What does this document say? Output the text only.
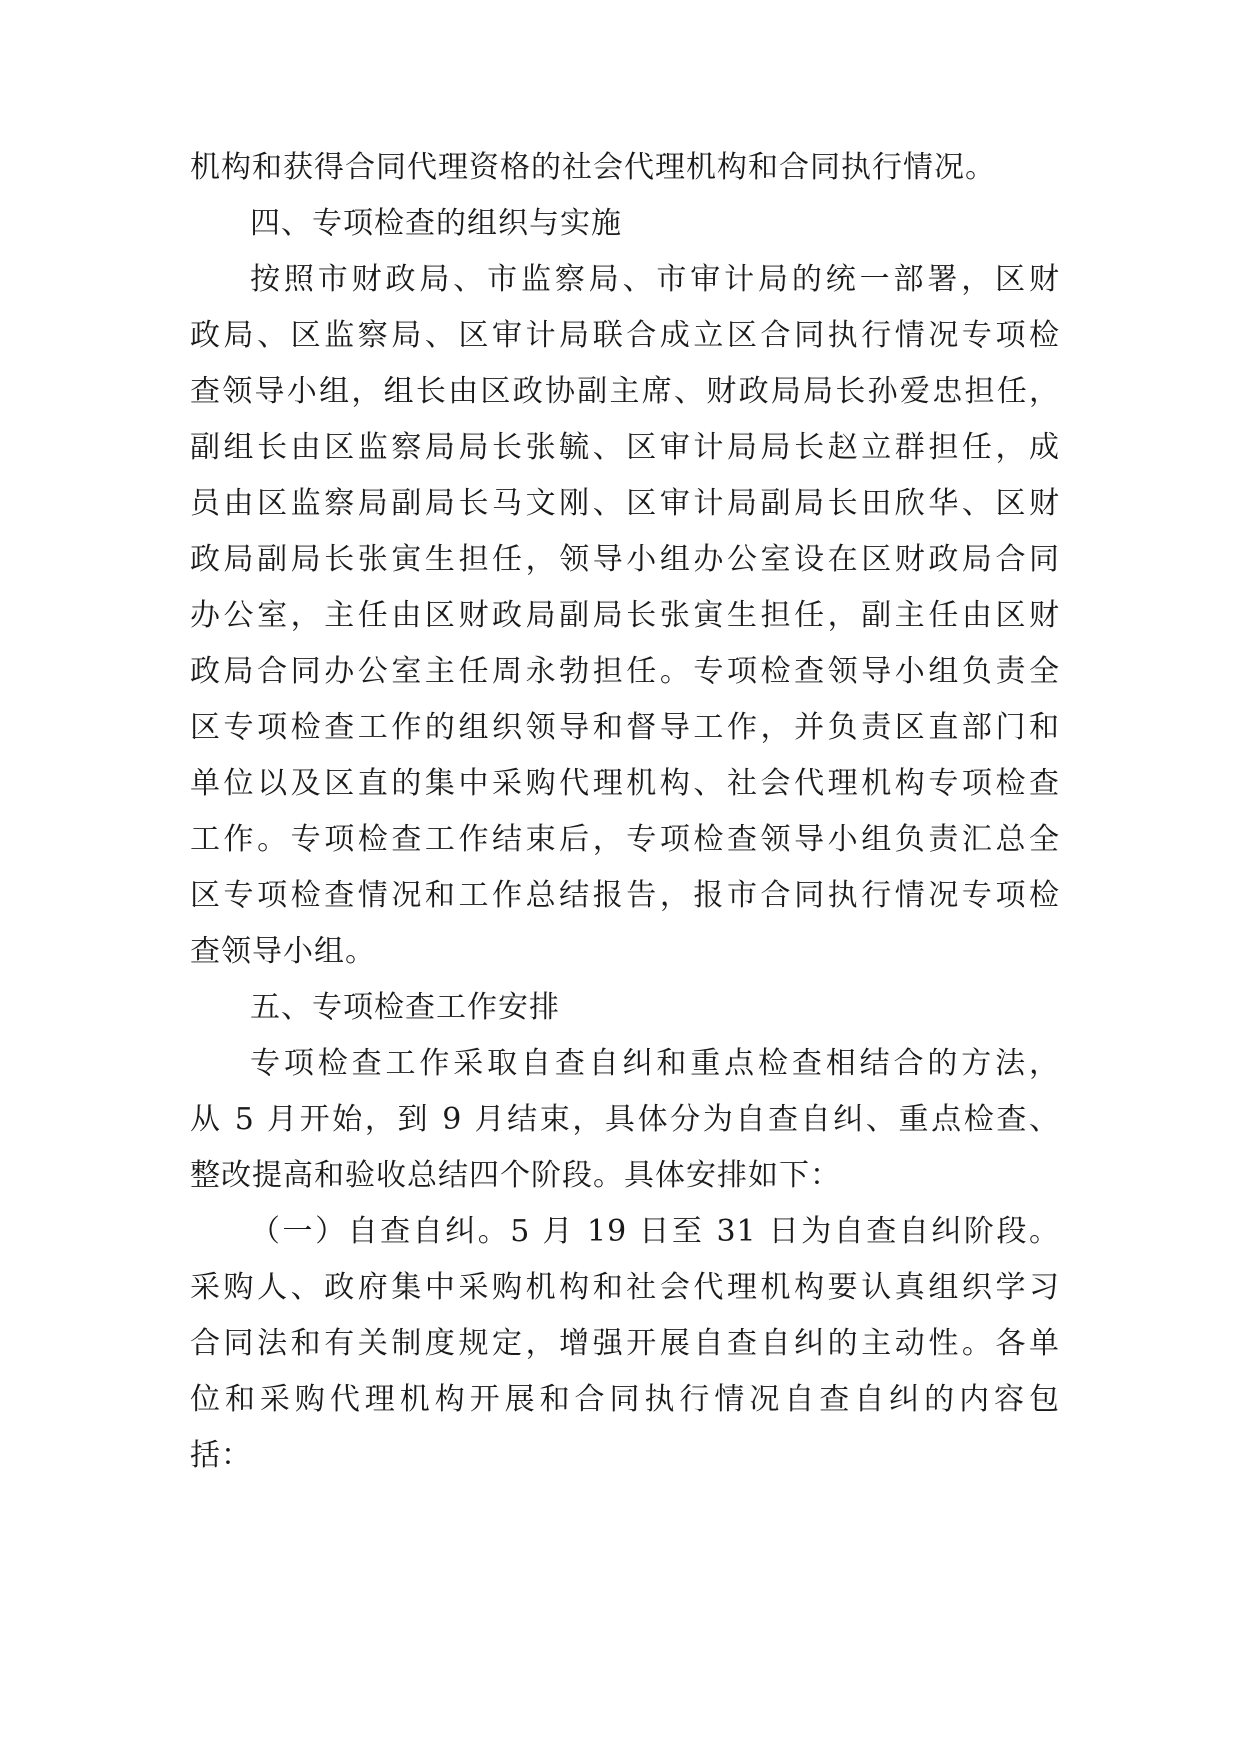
机构和获得合同代理资格的社会代理机构和合同执行情况。
四、专项检查的组织与实施
按照市财政局、市监察局、市审计局的统一部署，区财
政局、区监察局、区审计局联合成立区合同执行情况专项检
查领导小组，组长由区政协副主席、财政局局长孙爱忠担任，
副组长由区监察局局长张毓、区审计局局长赵立群担任，成
员由区监察局副局长马文刚、区审计局副局长田欣华、区财
政局副局长张寅生担任，领导小组办公室设在区财政局合同
办公室，主任由区财政局副局长张寅生担任，副主任由区财
政局合同办公室主任周永勃担任。专项检查领导小组负责全
区专项检查工作的组织领导和督导工作，并负责区直部门和
单位以及区直的集中采购代理机构、社会代理机构专项检查
工作。专项检查工作结束后，专项检查领导小组负责汇总全
区专项检查情况和工作总结报告，报市合同执行情况专项检
查领导小组。
五、专项检查工作安排
专项检查工作采取自查自纠和重点检查相结合的方法，
从 5 月开始，到 9 月结束，具体分为自查自纠、重点检查、
整改提高和验收总结四个阶段。具体安排如下：
（一）自查自纠。5 月 19 日至 31 日为自查自纠阶段。
采购人、政府集中采购机构和社会代理机构要认真组织学习
合同法和有关制度规定，增强开展自查自纠的主动性。各单
位和采购代理机构开展和合同执行情况自查自纠的内容包
括：
